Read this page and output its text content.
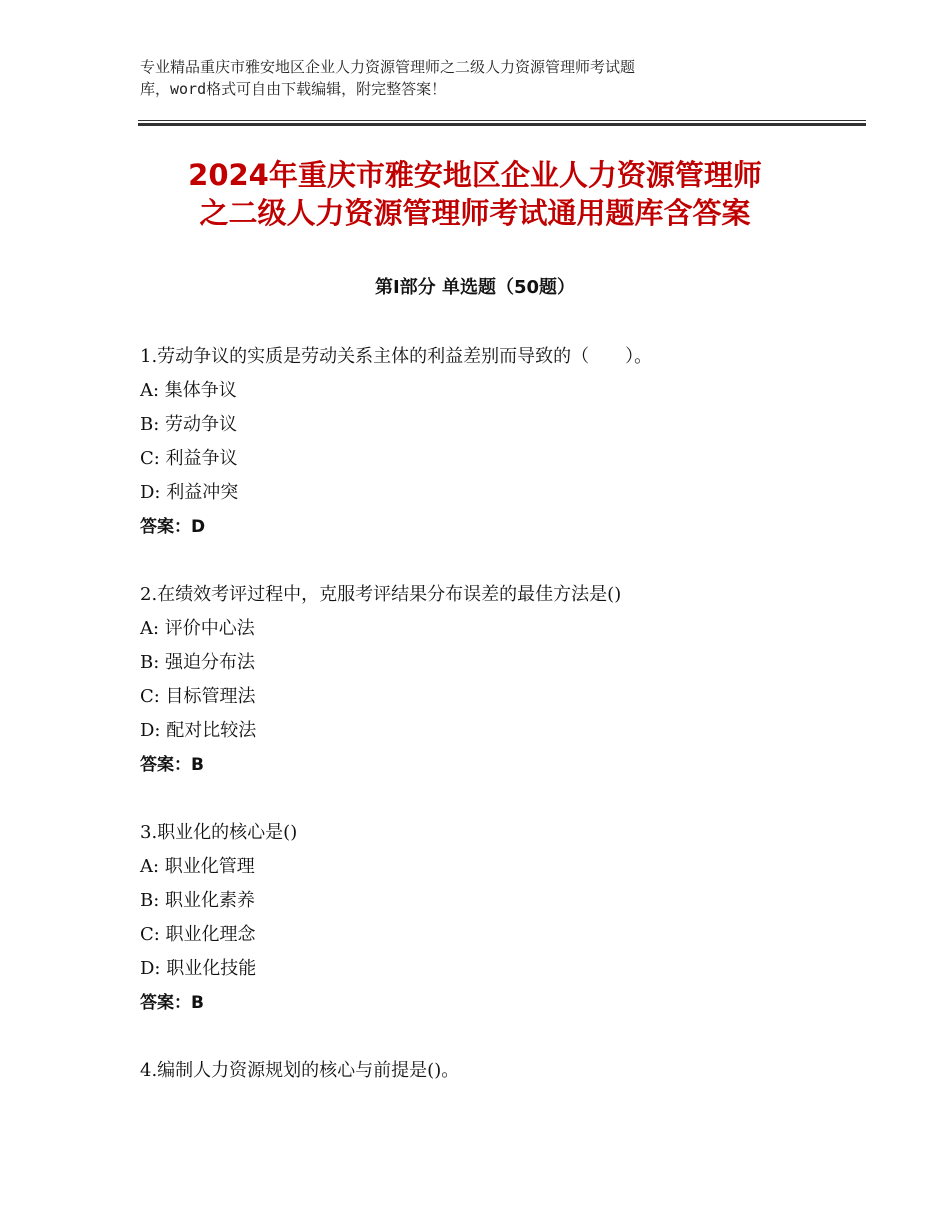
专业精品重庆市雅安地区企业人力资源管理师之二级人力资源管理师考试题
库，word格式可自由下载编辑，附完整答案！
2024年重庆市雅安地区企业人力资源管理师
之二级人力资源管理师考试通用题库含答案
第Ⅰ部分 单选题（50题）
1.劳动争议的实质是劳动关系主体的利益差别而导致的（　　）。
A: 集体争议
B: 劳动争议
C: 利益争议
D: 利益冲突
答案：D
2.在绩效考评过程中，克服考评结果分布误差的最佳方法是()
A: 评价中心法
B: 强迫分布法
C: 目标管理法
D: 配对比较法
答案：B
3.职业化的核心是()
A: 职业化管理
B: 职业化素养
C: 职业化理念
D: 职业化技能
答案：B
4.编制人力资源规划的核心与前提是()。
